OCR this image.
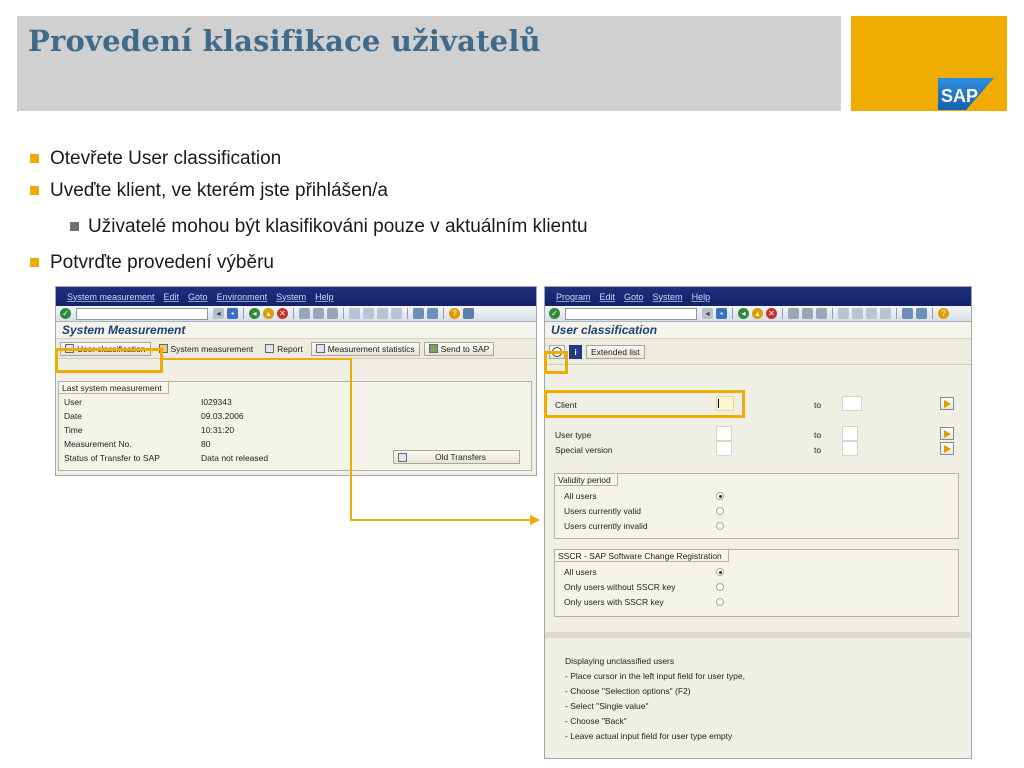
Provedení klasifikace uživatelů
SAP
Otevřete User classification
Uveďte klient, ve kterém jste přihlášen/a
Uživatelé mohou být klasifikováni pouze v aktuálním klientu
Potvrďte provedení výběru
System measurement Edit Goto Environment System Help
✓	◂	▪	◂	▴	✕	?
System Measurement
User classification	System measurement	Report	Measurement statistics	Send to SAP
Last system measurement
User	I029343
Date	09.03.2006
Time	10:31:20
Measurement No.	80
Status of Transfer to SAP	Data not released	Old Transfers
Program Edit Goto System Help
✓	◂	▪	◂	▴	✕	?
User classification
i Extended list
Client	to
User type	to
Special version	to
Validity period
All users
Users currently valid
Users currently invalid
SSCR - SAP Software Change Registration
All users
Only users without SSCR key
Only users with SSCR key
Displaying unclassified users
- Place cursor in the left input field for user type,
- Choose "Selection options" (F2)
- Select "Single value"
- Choose "Back"
- Leave actual input field for user type empty
